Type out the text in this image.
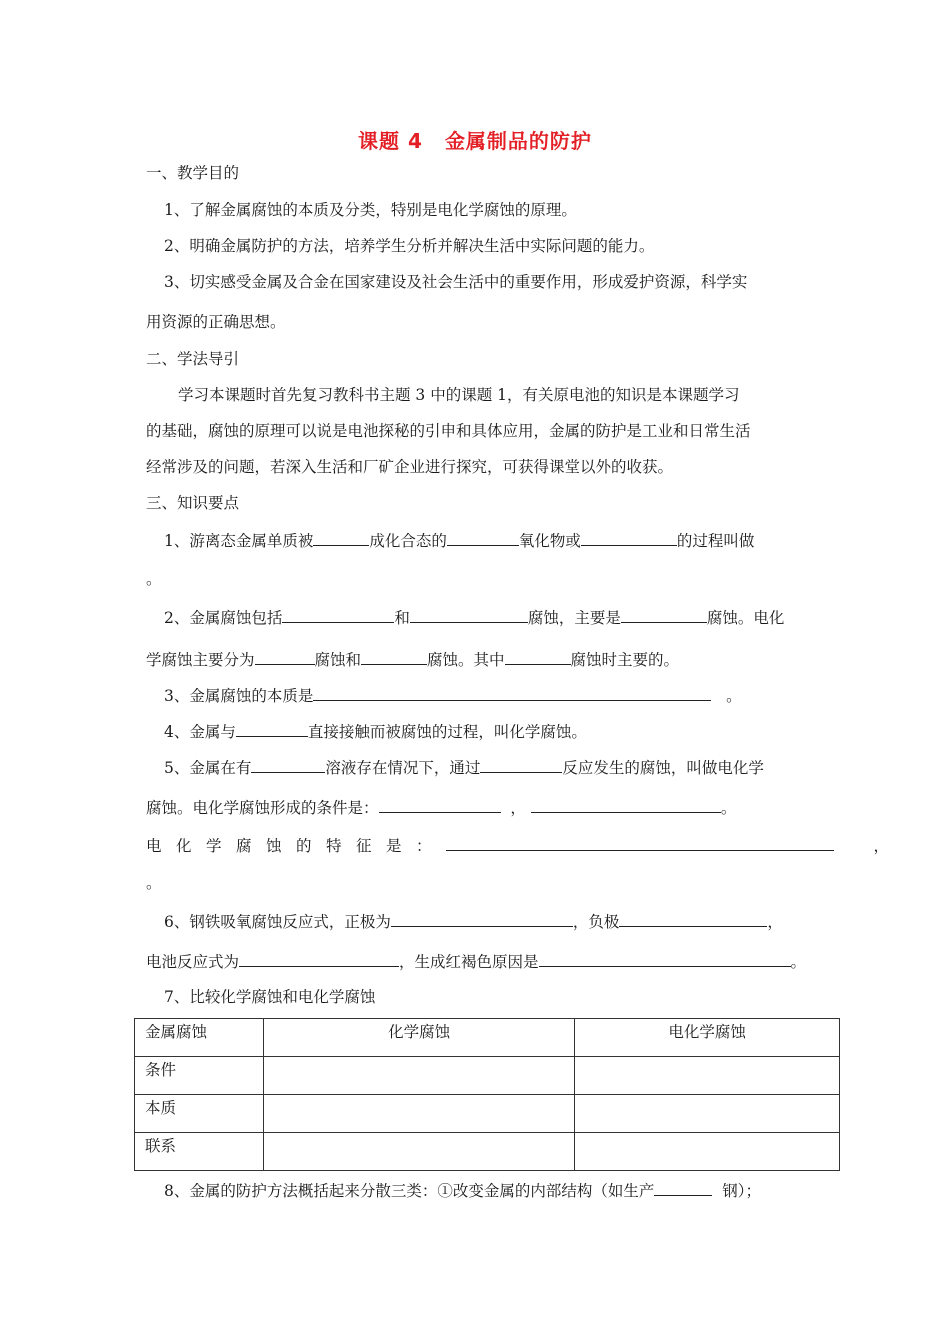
课题 4 金属制品的防护
一、教学目的
1、了解金属腐蚀的本质及分类，特别是电化学腐蚀的原理。
2、明确金属防护的方法，培养学生分析并解决生活中实际问题的能力。
3、切实感受金属及合金在国家建设及社会生活中的重要作用，形成爱护资源，科学实
用资源的正确思想。
二、学法导引
学习本课题时首先复习教科书主题 3 中的课题 1，有关原电池的知识是本课题学习
的基础，腐蚀的原理可以说是电池探秘的引申和具体应用，金属的防护是工业和日常生活
经常涉及的问题，若深入生活和厂矿企业进行探究，可获得课堂以外的收获。
三、知识要点
1、游离态金属单质被	成化合态的	氧化物或	的过程叫做
。
2、金属腐蚀包括	和	腐蚀，主要是	腐蚀。电化
学腐蚀主要分为	腐蚀和	腐蚀。其中	腐蚀时主要的。
3、金属腐蚀的本质是	。
4、金属与	直接接触而被腐蚀的过程，叫化学腐蚀。
5、金属在有	溶液存在情况下，通过	反应发生的腐蚀，叫做电化学
腐蚀。电化学腐蚀形成的条件是：	，	。
电化学腐蚀的特征是：	，
。
6、钢铁吸氧腐蚀反应式，正极为	，负极	，
电池反应式为	，生成红褐色原因是	。
7、比较化学腐蚀和电化学腐蚀
金属腐蚀	化学腐蚀	电化学腐蚀
条件		
本质		
联系		
8、金属的防护方法概括起来分散三类：①改变金属的内部结构（如生产	钢）；
